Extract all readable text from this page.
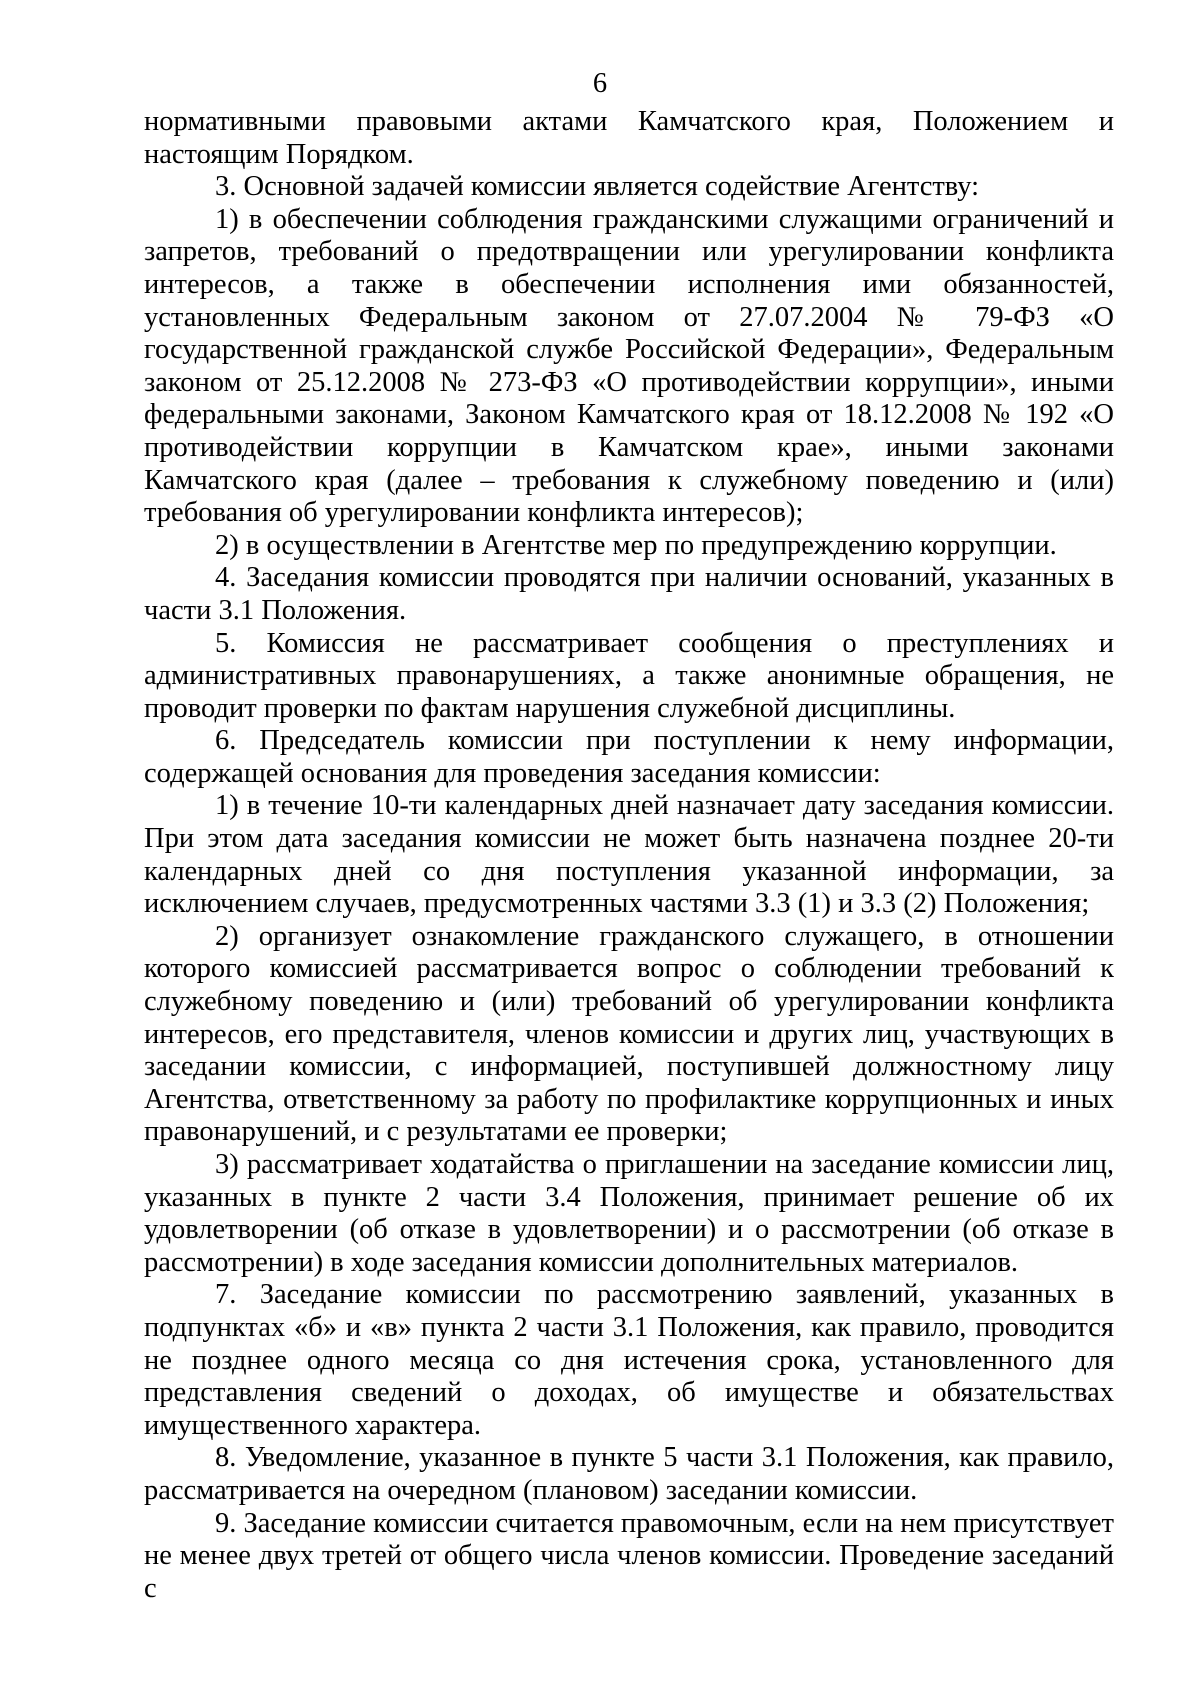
6

нормативными правовыми актами Камчатского края, Положением и настоящим Порядком.

3. Основной задачей комиссии является содействие Агентству:

1) в обеспечении соблюдения гражданскими служащими ограничений и запретов, требований о предотвращении или урегулировании конфликта интересов, а также в обеспечении исполнения ими обязанностей, установленных Федеральным законом от 27.07.2004 № 79-ФЗ «О государственной гражданской службе Российской Федерации», Федеральным законом от 25.12.2008 № 273-ФЗ «О противодействии коррупции», иными федеральными законами, Законом Камчатского края от 18.12.2008 № 192 «О противодействии коррупции в Камчатском крае», иными законами Камчатского края (далее – требования к служебному поведению и (или) требования об урегулировании конфликта интересов);

2) в осуществлении в Агентстве мер по предупреждению коррупции.

4. Заседания комиссии проводятся при наличии оснований, указанных в части 3.1 Положения.

5. Комиссия не рассматривает сообщения о преступлениях и административных правонарушениях, а также анонимные обращения, не проводит проверки по фактам нарушения служебной дисциплины.

6. Председатель комиссии при поступлении к нему информации, содержащей основания для проведения заседания комиссии:

1) в течение 10-ти календарных дней назначает дату заседания комиссии. При этом дата заседания комиссии не может быть назначена позднее 20-ти календарных дней со дня поступления указанной информации, за исключением случаев, предусмотренных частями 3.3 (1) и 3.3 (2) Положения;

2) организует ознакомление гражданского служащего, в отношении которого комиссией рассматривается вопрос о соблюдении требований к служебному поведению и (или) требований об урегулировании конфликта интересов, его представителя, членов комиссии и других лиц, участвующих в заседании комиссии, с информацией, поступившей должностному лицу Агентства, ответственному за работу по профилактике коррупционных и иных правонарушений, и с результатами ее проверки;

3) рассматривает ходатайства о приглашении на заседание комиссии лиц, указанных в пункте 2 части 3.4 Положения, принимает решение об их удовлетворении (об отказе в удовлетворении) и о рассмотрении (об отказе в рассмотрении) в ходе заседания комиссии дополнительных материалов.

7. Заседание комиссии по рассмотрению заявлений, указанных в подпунктах «б» и «в» пункта 2 части 3.1 Положения, как правило, проводится не позднее одного месяца со дня истечения срока, установленного для представления сведений о доходах, об имуществе и обязательствах имущественного характера.

8. Уведомление, указанное в пункте 5 части 3.1 Положения, как правило, рассматривается на очередном (плановом) заседании комиссии.

9. Заседание комиссии считается правомочным, если на нем присутствует не менее двух третей от общего числа членов комиссии. Проведение заседаний с
